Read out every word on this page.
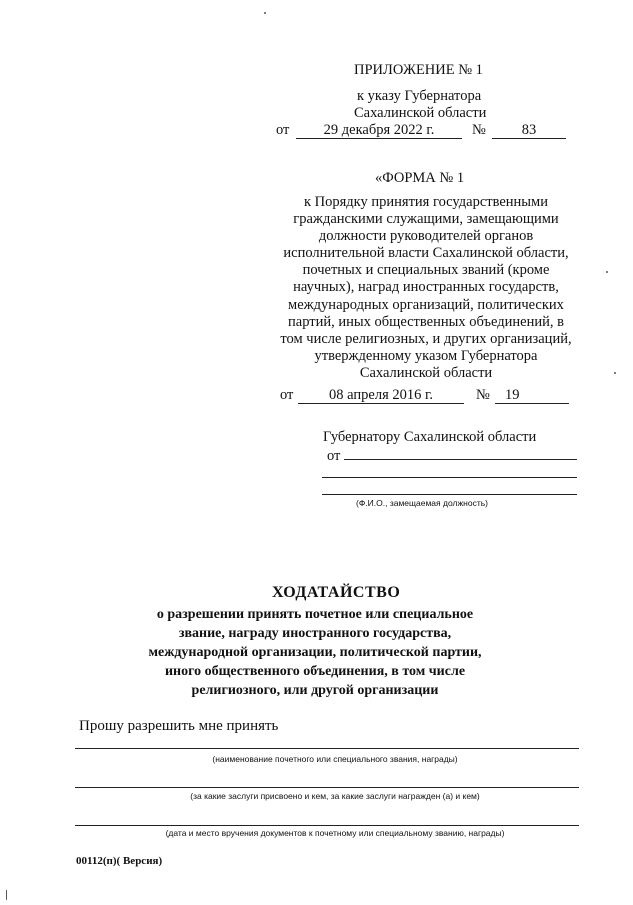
ПРИЛОЖЕНИЕ № 1
к указу Губернатора
Сахалинской области
от	29 декабря 2022 г.	№	83
«ФОРМА № 1
к Порядку принятия государственными
гражданскими служащими, замещающими
должности руководителей органов
исполнительной власти Сахалинской области,
почетных и специальных званий (кроме
научных), наград иностранных государств,
международных организаций, политических
партий, иных общественных объединений, в
том числе религиозных, и других организаций,
утвержденному указом Губернатора
Сахалинской области
от	08 апреля 2016 г.	№	19
Губернатору Сахалинской области
от
(Ф.И.О., замещаемая должность)
ХОДАТАЙСТВО
о разрешении принять почетное или специальное
звание, награду иностранного государства,
международной организации, политической партии,
иного общественного объединения, в том числе
религиозного, или другой организации
Прошу разрешить мне принять
(наименование почетного или специального звания, награды)
(за какие заслуги присвоено и кем, за какие заслуги награжден (а) и кем)
(дата и место вручения документов к почетному или специальному званию, награды)
00112(п)( Версия)
